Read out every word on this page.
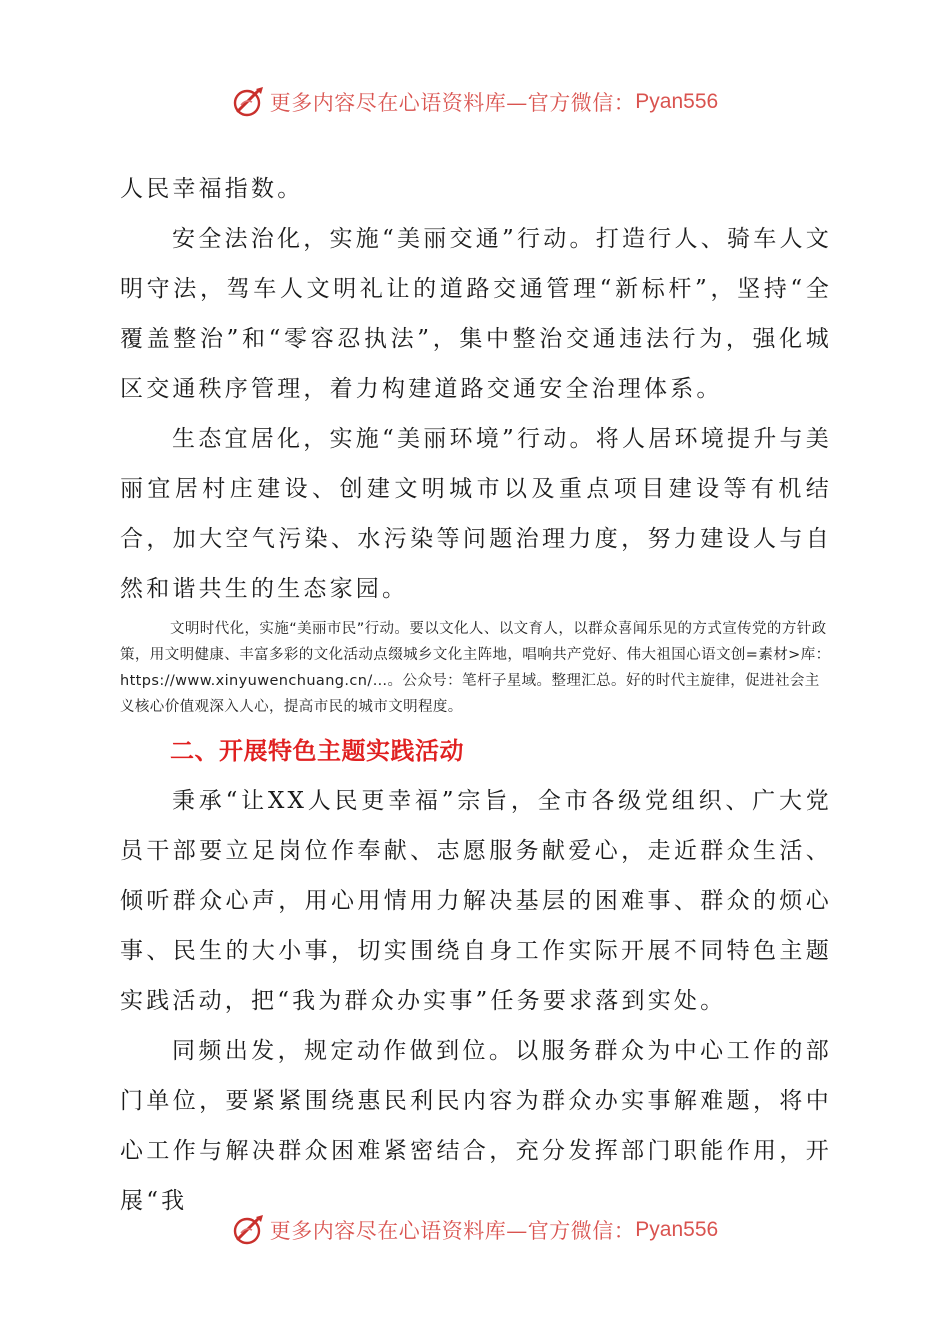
更多内容尽在心语资料库—官方微信： Pyan556

人民幸福指数。

安全法治化，实施“美丽交通”行动。打造行人、骑车人文明守法，驾车人文明礼让的道路交通管理“新标杆”，坚持“全覆盖整治”和“零容忍执法”，集中整治交通违法行为，强化城区交通秩序管理，着力构建道路交通安全治理体系。

生态宜居化，实施“美丽环境”行动。将人居环境提升与美丽宜居村庄建设、创建文明城市以及重点项目建设等有机结合，加大空气污染、水污染等问题治理力度，努力建设人与自然和谐共生的生态家园。

文明时代化，实施“美丽市民”行动。要以文化人、以文育人，以群众喜闻乐见的方式宣传党的方针政策，用文明健康、丰富多彩的文化活动点缀城乡文化主阵地，唱响共产党好、伟大祖国心语文创=素材>库：https://www.xinyuwenchuang.cn/…。公众号：笔杆子星域。整理汇总。好的时代主旋律，促进社会主义核心价值观深入人心，提高市民的城市文明程度。

二、开展特色主题实践活动

秉承“让XX人民更幸福”宗旨，全市各级党组织、广大党员干部要立足岗位作奉献、志愿服务献爱心，走近群众生活、倾听群众心声，用心用情用力解决基层的困难事、群众的烦心事、民生的大小事，切实围绕自身工作实际开展不同特色主题实践活动，把“我为群众办实事”任务要求落到实处。

同频出发，规定动作做到位。以服务群众为中心工作的部门单位，要紧紧围绕惠民利民内容为群众办实事解难题，将中心工作与解决群众困难紧密结合，充分发挥部门职能作用，开展“我

更多内容尽在心语资料库—官方微信： Pyan556
